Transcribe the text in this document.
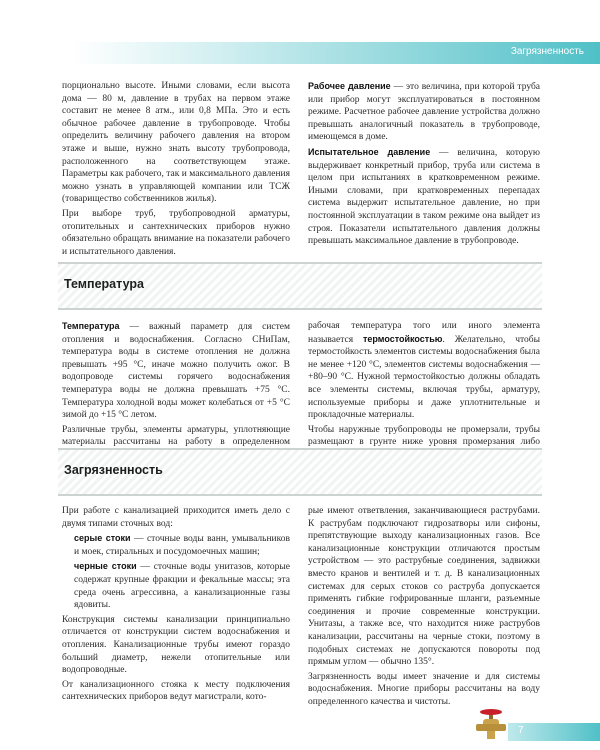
Загрязненность

порционально высоте. Иными словами, если высота дома — 80 м, давление в трубах на первом этаже составит не менее 8 атм., или 0,8 МПа. Это и есть обычное рабочее давление в трубопроводе. Чтобы определить величину рабочего давления на втором этаже и выше, нужно знать высоту трубопровода, расположенного на соответствующем этаже. Параметры как рабочего, так и максимального давления можно узнать в управляющей компании или ТСЖ (товарищество собственников жилья).

При выборе труб, трубопроводной арматуры, отопительных и сантехнических приборов нужно обязательно обращать внимание на показатели рабочего и испытательного давления.

Рабочее давление — это величина, при которой труба или прибор могут эксплуатироваться в постоянном режиме. Расчетное рабочее давление устройства должно превышать аналогичный показатель в трубопроводе, имеющемся в доме.

Испытательное давление — величина, которую выдерживает конкретный прибор, труба или система в целом при испытаниях в кратковременном режиме. Иными словами, при кратковременных перепадах система выдержит испытательное давление, но при постоянной эксплуатации в таком режиме она выйдет из строя. Показатели испытательного давления должны превышать максимальное давление в трубопроводе.

Температура

Температура — важный параметр для систем отопления и водоснабжения. Согласно СНиПам, температура воды в системе отопления не должна превышать +95 °С, иначе можно получить ожог. В водопроводе системы горячего водоснабжения температура воды не должна превышать +75 °С. Температура холодной воды может колебаться от +5 °С зимой до +15 °С летом.

Различные трубы, элементы арматуры, уплотняющие материалы рассчитаны на работу в определенном

рабочая температура того или иного элемента называется термостойкостью. Желательно, чтобы термостойкость элементов системы водоснабжения была не менее +120 °С, элементов системы водоснабжения — +80–90 °С. Нужной термостойкостью должны обладать все элементы системы, включая трубы, арматуру, используемые приборы и даже уплотнительные и прокладочные материалы.

Чтобы наружные трубопроводы не промерзали, трубы размещают в грунте ниже уровня промерзания либо

Загрязненность

При работе с канализацией приходится иметь дело с двумя типами сточных вод:

серые стоки — сточные воды ванн, умывальников и моек, стиральных и посудомоечных машин;

черные стоки — сточные воды унитазов, которые содержат крупные фракции и фекальные массы; эта среда очень агрессивна, а канализационные газы ядовиты.

Конструкция системы канализации принципиально отличается от конструкции систем водоснабжения и отопления. Канализационные трубы имеют гораздо больший диаметр, нежели отопительные или водопроводные.

От канализационного стояка к месту подключения сантехнических приборов ведут магистрали, кото-

рые имеют ответвления, заканчивающиеся раструбами. К раструбам подключают гидрозатворы или сифоны, препятствующие выходу канализационных газов. Все канализационные конструкции отличаются простым устройством — это раструбные соединения, задвижки вместо кранов и вентилей и т. д. В канализационных системах для серых стоков со раструба допускается применять гибкие гофрированные шланги, разъемные соединения и прочие современные конструкции. Унитазы, а также все, что находится ниже раструбов канализации, рассчитаны на черные стоки, поэтому в подобных системах не допускаются повороты под прямым углом — обычно 135°.

Загрязненность воды имеет значение и для системы водоснабжения. Многие приборы рассчитаны на воду определенного качества и чистоты.

7
